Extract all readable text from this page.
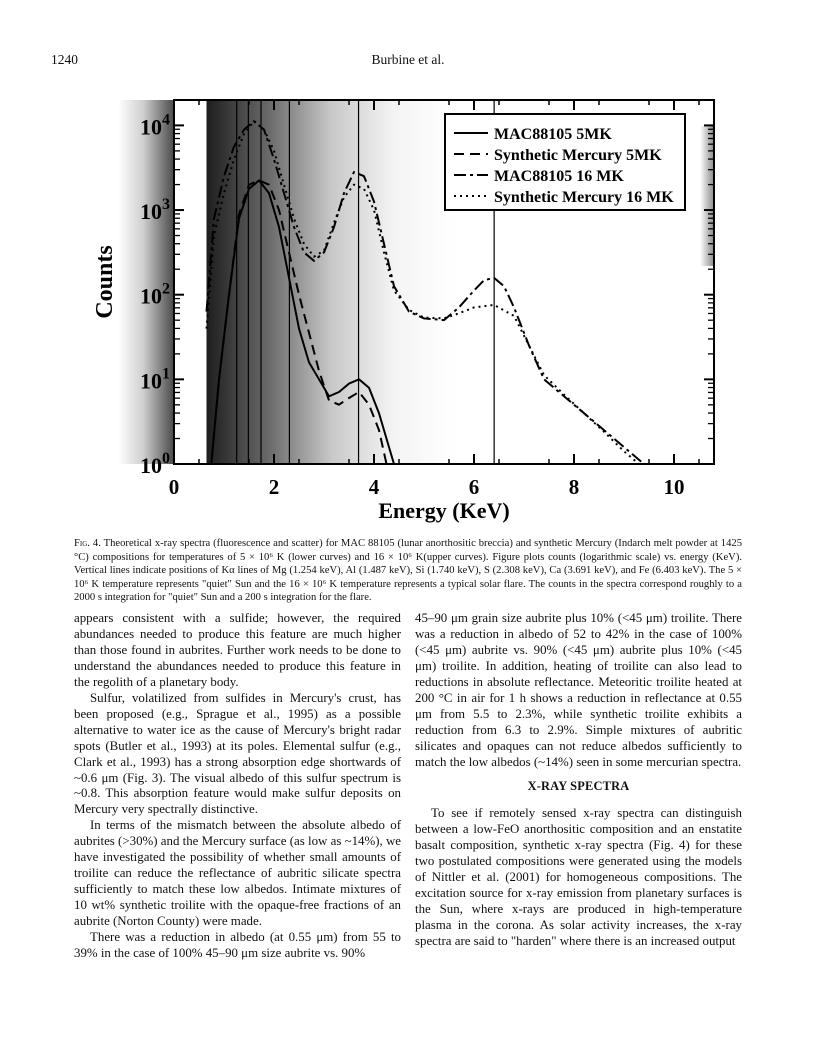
1240	Burbine et al.
0	2	4	6	8	10
$10^0$
$10^1$
$10^2$
$10^3$
$10^4$
Energy (KeV)
Counts
MAC88105 5MK
Synthetic Mercury 5MK
MAC88105 16 MK
Synthetic Mercury 16 MK
Fig. 4. Theoretical x-ray spectra (fluorescence and scatter) for MAC 88105 (lunar anorthositic breccia) and synthetic Mercury (Indarch melt powder at 1425 °C) compositions for temperatures of 5 × 10⁶ K (lower curves) and 16 × 10⁶ K(upper curves). Figure plots counts (logarithmic scale) vs. energy (KeV). Vertical lines indicate positions of Kα lines of Mg (1.254 keV), Al (1.487 keV), Si (1.740 keV), S (2.308 keV), Ca (3.691 keV), and Fe (6.403 keV). The 5 × 10⁶ K temperature represents "quiet" Sun and the 16 × 10⁶ K temperature represents a typical solar flare. The counts in the spectra correspond roughly to a 2000 s integration for "quiet" Sun and a 200 s integration for the flare.

appears consistent with a sulfide; however, the required abundances needed to produce this feature are much higher than those found in aubrites. Further work needs to be done to understand the abundances needed to produce this feature in the regolith of a planetary body.

Sulfur, volatilized from sulfides in Mercury's crust, has been proposed (e.g., Sprague et al., 1995) as a possible alternative to water ice as the cause of Mercury's bright radar spots (Butler et al., 1993) at its poles. Elemental sulfur (e.g., Clark et al., 1993) has a strong absorption edge shortwards of ~0.6 μm (Fig. 3). The visual albedo of this sulfur spectrum is ~0.8. This absorption feature would make sulfur deposits on Mercury very spectrally distinctive.

In terms of the mismatch between the absolute albedo of aubrites (>30%) and the Mercury surface (as low as ~14%), we have investigated the possibility of whether small amounts of troilite can reduce the reflectance of aubritic silicate spectra sufficiently to match these low albedos. Intimate mixtures of 10 wt% synthetic troilite with the opaque-free fractions of an aubrite (Norton County) were made.

There was a reduction in albedo (at 0.55 μm) from 55 to 39% in the case of 100% 45–90 μm size aubrite vs. 90%

45–90 μm grain size aubrite plus 10% (<45 μm) troilite. There was a reduction in albedo of 52 to 42% in the case of 100% (<45 μm) aubrite vs. 90% (<45 μm) aubrite plus 10% (<45 μm) troilite. In addition, heating of troilite can also lead to reductions in absolute reflectance. Meteoritic troilite heated at 200 °C in air for 1 h shows a reduction in reflectance at 0.55 μm from 5.5 to 2.3%, while synthetic troilite exhibits a reduction from 6.3 to 2.9%. Simple mixtures of aubritic silicates and opaques can not reduce albedos sufficiently to match the low albedos (~14%) seen in some mercurian spectra.

X-RAY SPECTRA

To see if remotely sensed x-ray spectra can distinguish between a low-FeO anorthositic composition and an enstatite basalt composition, synthetic x-ray spectra (Fig. 4) for these two postulated compositions were generated using the models of Nittler et al. (2001) for homogeneous compositions. The excitation source for x-ray emission from planetary surfaces is the Sun, where x-rays are produced in high-temperature plasma in the corona. As solar activity increases, the x-ray spectra are said to "harden" where there is an increased output
